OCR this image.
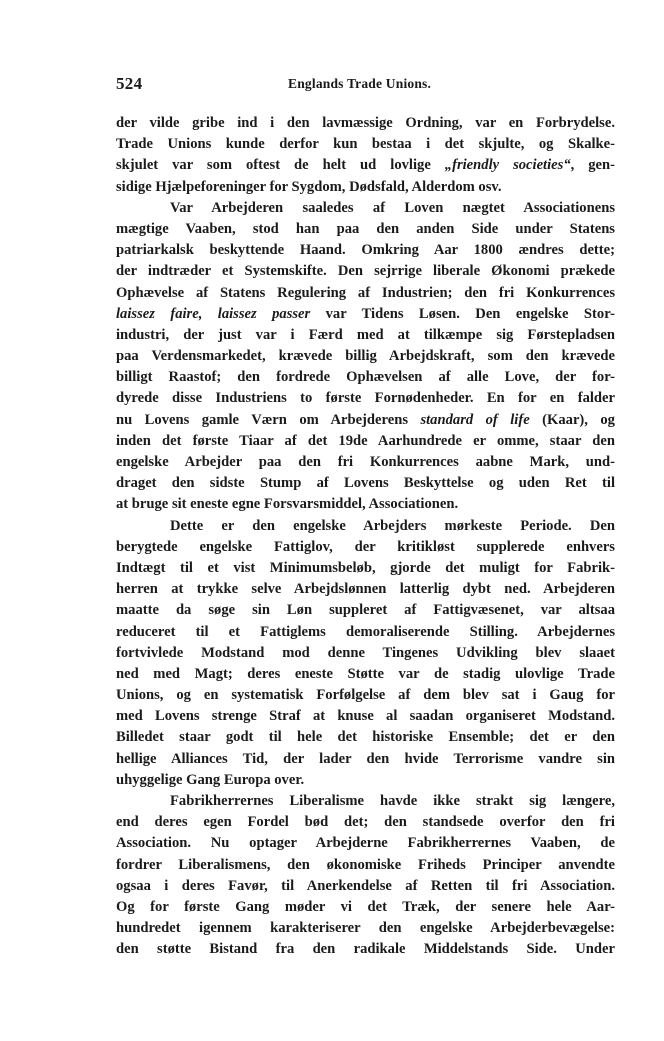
524	Englands Trade Unions.
der vilde gribe ind i den lavmæssige Ordning, var en Forbrydelse.
Trade Unions kunde derfor kun bestaa i det skjulte, og Skalke-
skjulet var som oftest de helt ud lovlige „friendly societies“, gen-
sidige Hjælpeforeninger for Sygdom, Dødsfald, Alderdom osv.
Var Arbejderen saaledes af Loven nægtet Associationens
mægtige Vaaben, stod han paa den anden Side under Statens
patriarkalsk beskyttende Haand. Omkring Aar 1800 ændres dette;
der indtræder et Systemskifte. Den sejrrige liberale Økonomi prækede
Ophævelse af Statens Regulering af Industrien; den fri Konkurrences
laissez faire, laissez passer var Tidens Løsen. Den engelske Stor-
industri, der just var i Færd med at tilkæmpe sig Førstepladsen
paa Verdensmarkedet, krævede billig Arbejdskraft, som den krævede
billigt Raastof; den fordrede Ophævelsen af alle Love, der for-
dyrede disse Industriens to første Fornødenheder. En for en falder
nu Lovens gamle Værn om Arbejderens standard of life (Kaar), og
inden det første Tiaar af det 19de Aarhundrede er omme, staar den
engelske Arbejder paa den fri Konkurrences aabne Mark, und-
draget den sidste Stump af Lovens Beskyttelse og uden Ret til
at bruge sit eneste egne Forsvarsmiddel, Associationen.
Dette er den engelske Arbejders mørkeste Periode. Den
berygtede engelske Fattiglov, der kritikløst supplerede enhvers
Indtægt til et vist Minimumsbeløb, gjorde det muligt for Fabrik-
herren at trykke selve Arbejdslønnen latterlig dybt ned. Arbejderen
maatte da søge sin Løn suppleret af Fattigvæsenet, var altsaa
reduceret til et Fattiglems demoraliserende Stilling. Arbejdernes
fortvivlede Modstand mod denne Tingenes Udvikling blev slaaet
ned med Magt; deres eneste Støtte var de stadig ulovlige Trade
Unions, og en systematisk Forfølgelse af dem blev sat i Gaug for
med Lovens strenge Straf at knuse al saadan organiseret Modstand.
Billedet staar godt til hele det historiske Ensemble; det er den
hellige Alliances Tid, der lader den hvide Terrorisme vandre sin
uhyggelige Gang Europa over.
Fabrikherrernes Liberalisme havde ikke strakt sig længere,
end deres egen Fordel bød det; den standsede overfor den fri
Association. Nu optager Arbejderne Fabrikherrernes Vaaben, de
fordrer Liberalismens, den økonomiske Friheds Principer anvendte
ogsaa i deres Favør, til Anerkendelse af Retten til fri Association.
Og for første Gang møder vi det Træk, der senere hele Aar-
hundredet igennem karakteriserer den engelske Arbejderbevægelse:
den støtte Bistand fra den radikale Middelstands Side. Under
